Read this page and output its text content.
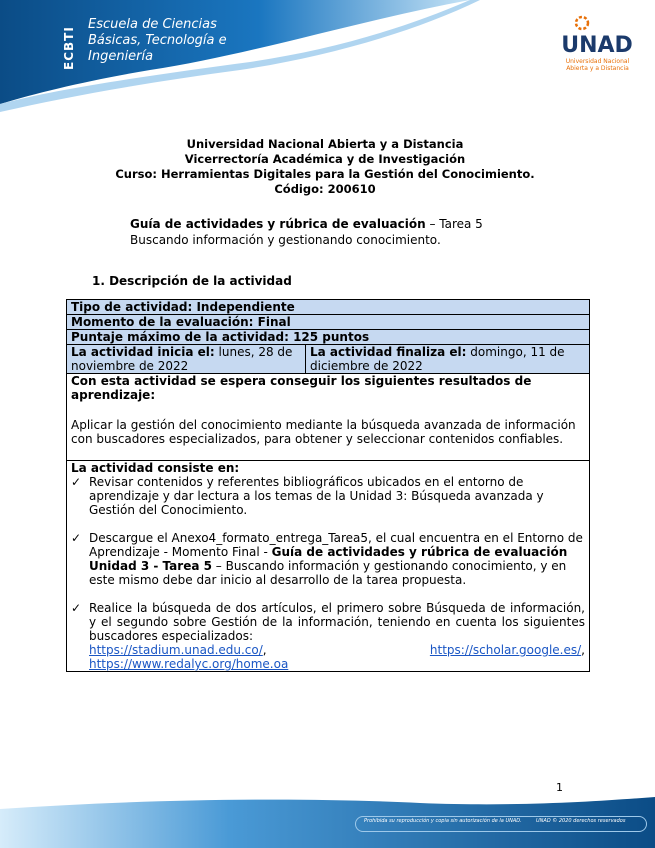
ECBTI
Escuela de Ciencias
Básicas, Tecnología e
Ingeniería	UNAD
Universidad Nacional
Abierta y a Distancia
Universidad Nacional Abierta y a Distancia
Vicerrectoría Académica y de Investigación
Curso: Herramientas Digitales para la Gestión del Conocimiento.
Código: 200610
Guía de actividades y rúbrica de evaluación – Tarea 5
Buscando información y gestionando conocimiento.
1. Descripción de la actividad
Tipo de actividad: Independiente
Momento de la evaluación: Final
Puntaje máximo de la actividad: 125 puntos
La actividad inicia el: lunes, 28 de noviembre de 2022	La actividad finaliza el: domingo, 11 de diciembre de 2022

Con esta actividad se espera conseguir los siguientes resultados de aprendizaje:
Aplicar la gestión del conocimiento mediante la búsqueda avanzada de información con buscadores especializados, para obtener y seleccionar contenidos confiables.

La actividad consiste en:
✓ Revisar contenidos y referentes bibliográficos ubicados en el entorno de aprendizaje y dar lectura a los temas de la Unidad 3: Búsqueda avanzada y Gestión del Conocimiento.
✓ Descargue el Anexo4_formato_entrega_Tarea5, el cual encuentra en el Entorno de Aprendizaje - Momento Final - Guía de actividades y rúbrica de evaluación Unidad 3 - Tarea 5 – Buscando información y gestionando conocimiento, y en este mismo debe dar inicio al desarrollo de la tarea propuesta.
✓ Realice la búsqueda de dos artículos, el primero sobre Búsqueda de información, y el segundo sobre Gestión de la información, teniendo en cuenta los siguientes buscadores especializados:
https://stadium.unad.edu.co/,	https://scholar.google.es/,
https://www.redalyc.org/home.oa
1
Prohibida su reproducción y copia sin autorización de la UNAD.	UNAD © 2020 derechos reservados
